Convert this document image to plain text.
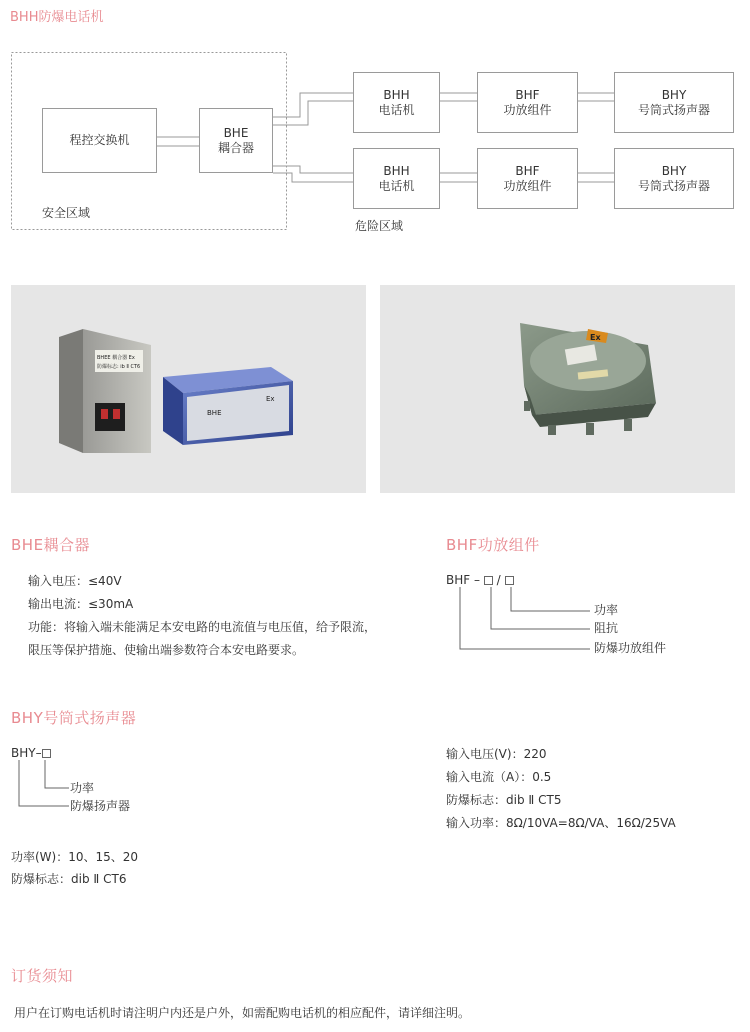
BHH防爆电话机
程控交换机
BHE
耦合器
BHH
电话机
BHF
功放组件
BHY
号筒式扬声器
BHH
电话机
BHF
功放组件
BHY
号筒式扬声器
安全区域
危险区域
BHEE 耦合器 Ex
防爆标志: ib Ⅱ CT6
BHE
Ex
Ex
BHE耦合器
输入电压：≤40V
输出电流：≤30mA
功能：将输入端未能满足本安电路的电流值与电压值，给予限流，
限压等保护措施、使输出端参数符合本安电路要求。
BHF功放组件
BHF – /
功率
阻抗
防爆功放组件
BHY号筒式扬声器
BHY–
功率
防爆扬声器
功率(W)：10、15、20
防爆标志：dib Ⅱ CT6
输入电压(V)：220
输入电流（A）：0.5
防爆标志：dib Ⅱ CT5
输入功率：8Ω/10VA=8Ω/VA、16Ω/25VA
订货须知
用户在订购电话机时请注明户内还是户外，如需配购电话机的相应配件，请详细注明。
